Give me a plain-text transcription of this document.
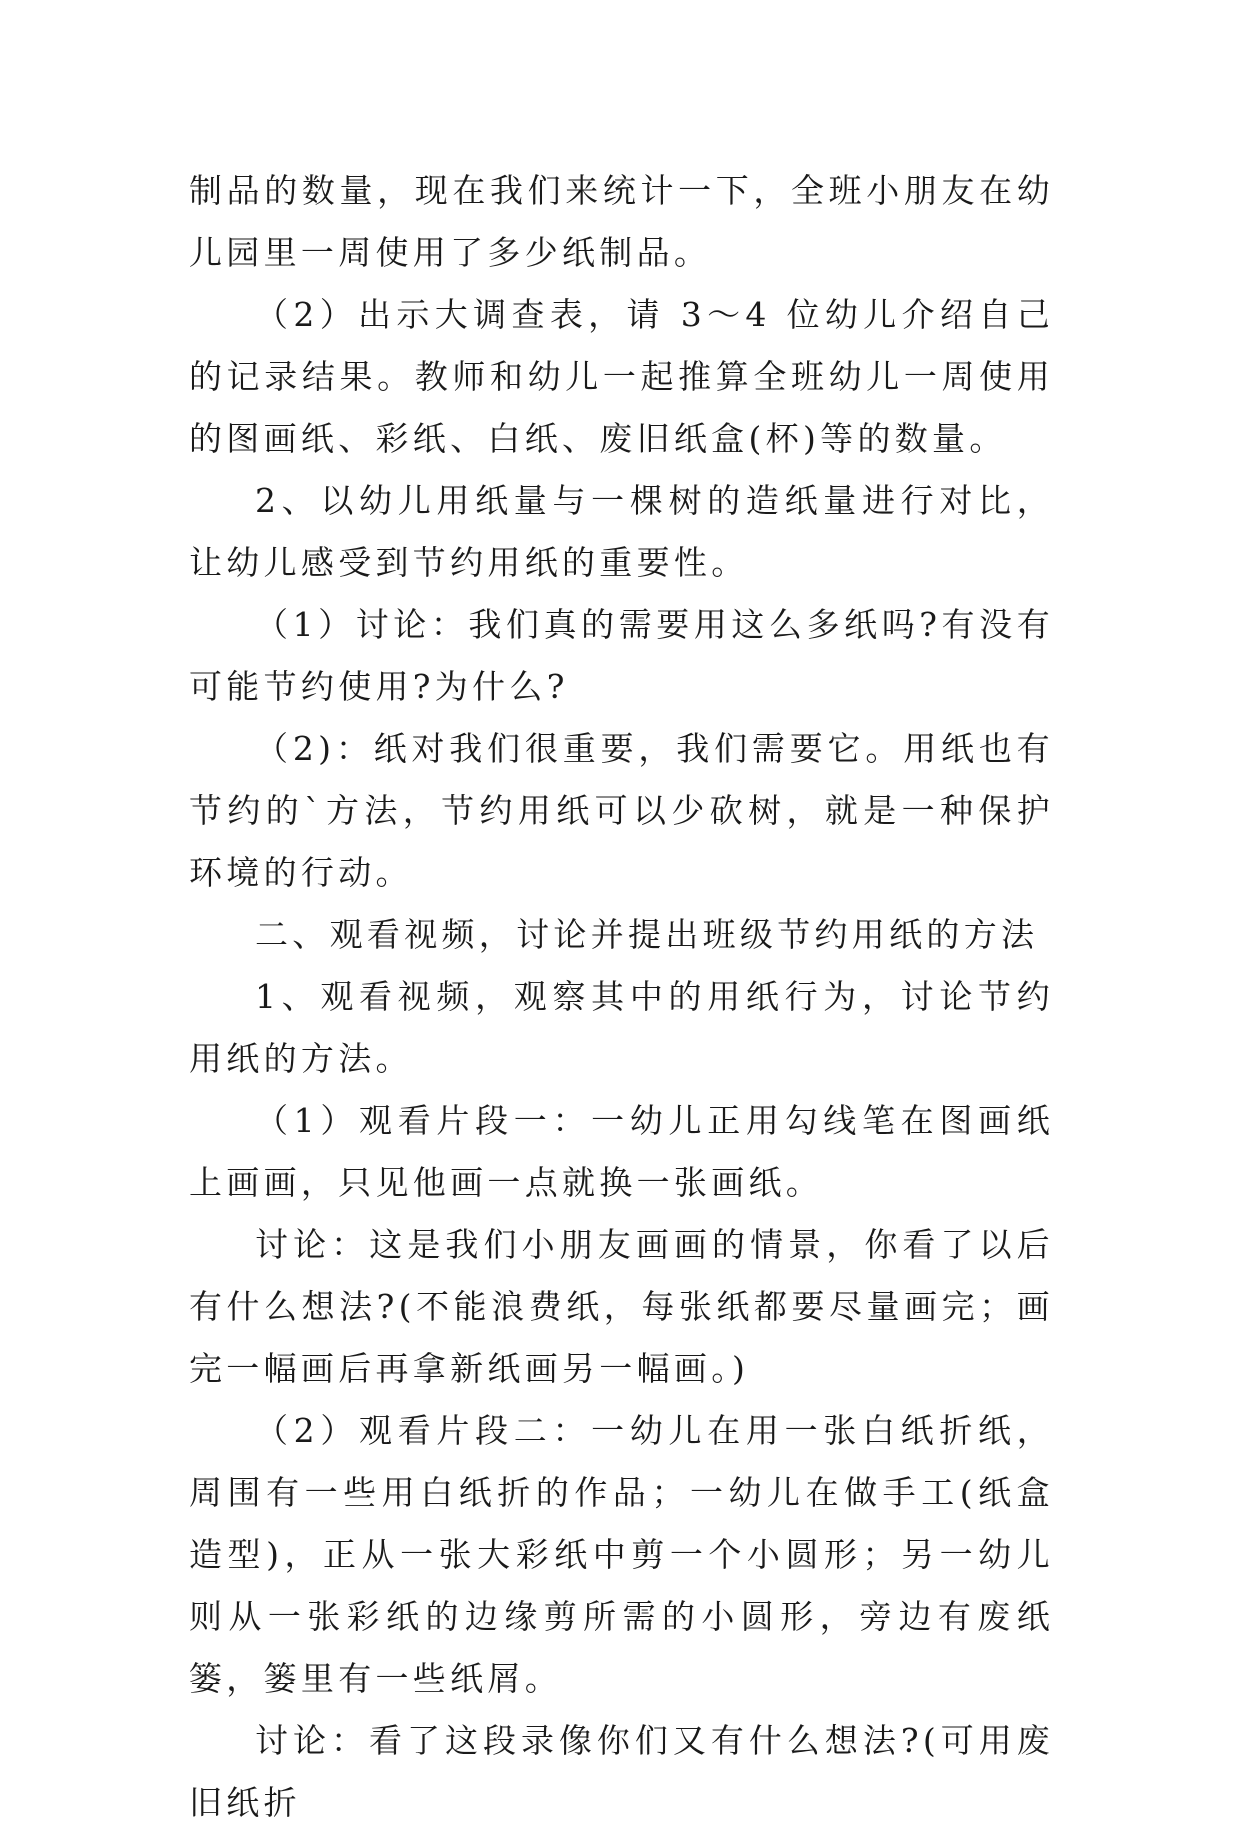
制品的数量，现在我们来统计一下，全班小朋友在幼儿园里一周使用了多少纸制品。

（2）出示大调查表，请 3～4 位幼儿介绍自己的记录结果。教师和幼儿一起推算全班幼儿一周使用的图画纸、彩纸、白纸、废旧纸盒(杯)等的数量。

2、以幼儿用纸量与一棵树的造纸量进行对比，让幼儿感受到节约用纸的重要性。

（1）讨论：我们真的需要用这么多纸吗?有没有可能节约使用?为什么?

（2)：纸对我们很重要，我们需要它。用纸也有节约的`方法，节约用纸可以少砍树，就是一种保护环境的行动。

二、观看视频，讨论并提出班级节约用纸的方法

1、观看视频，观察其中的用纸行为，讨论节约用纸的方法。

（1）观看片段一：一幼儿正用勾线笔在图画纸上画画，只见他画一点就换一张画纸。

讨论：这是我们小朋友画画的情景，你看了以后有什么想法?(不能浪费纸，每张纸都要尽量画完；画完一幅画后再拿新纸画另一幅画。)

（2）观看片段二：一幼儿在用一张白纸折纸，周围有一些用白纸折的作品；一幼儿在做手工(纸盒造型)，正从一张大彩纸中剪一个小圆形；另一幼儿则从一张彩纸的边缘剪所需的小圆形，旁边有废纸篓，篓里有一些纸屑。

讨论：看了这段录像你们又有什么想法?(可用废旧纸折
